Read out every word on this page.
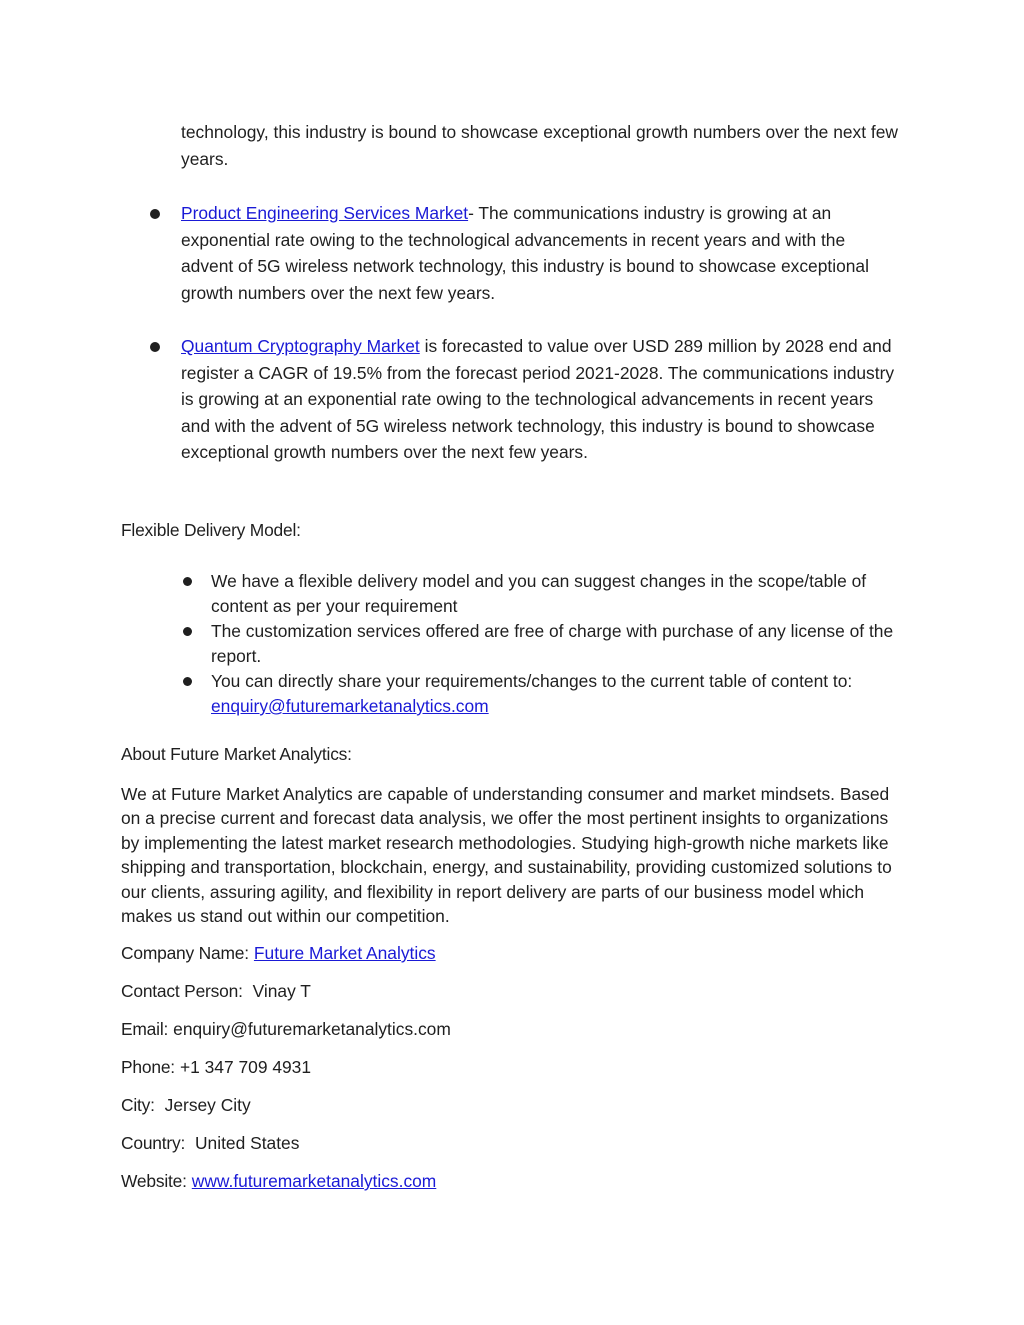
technology, this industry is bound to showcase exceptional growth numbers over the next few years.
Product Engineering Services Market- The communications industry is growing at an exponential rate owing to the technological advancements in recent years and with the advent of 5G wireless network technology, this industry is bound to showcase exceptional growth numbers over the next few years.
Quantum Cryptography Market is forecasted to value over USD 289 million by 2028 end and register a CAGR of 19.5% from the forecast period 2021-2028. The communications industry is growing at an exponential rate owing to the technological advancements in recent years and with the advent of 5G wireless network technology, this industry is bound to showcase exceptional growth numbers over the next few years.
Flexible Delivery Model:
We have a flexible delivery model and you can suggest changes in the scope/table of content as per your requirement
The customization services offered are free of charge with purchase of any license of the report.
You can directly share your requirements/changes to the current table of content to: enquiry@futuremarketanalytics.com
About Future Market Analytics:
We at Future Market Analytics are capable of understanding consumer and market mindsets. Based on a precise current and forecast data analysis, we offer the most pertinent insights to organizations by implementing the latest market research methodologies. Studying high-growth niche markets like shipping and transportation, blockchain, energy, and sustainability, providing customized solutions to our clients, assuring agility, and flexibility in report delivery are parts of our business model which makes us stand out within our competition.
Company Name: Future Market Analytics
Contact Person:  Vinay T
Email: enquiry@futuremarketanalytics.com
Phone: +1 347 709 4931
City:  Jersey City
Country:  United States
Website: www.futuremarketanalytics.com
